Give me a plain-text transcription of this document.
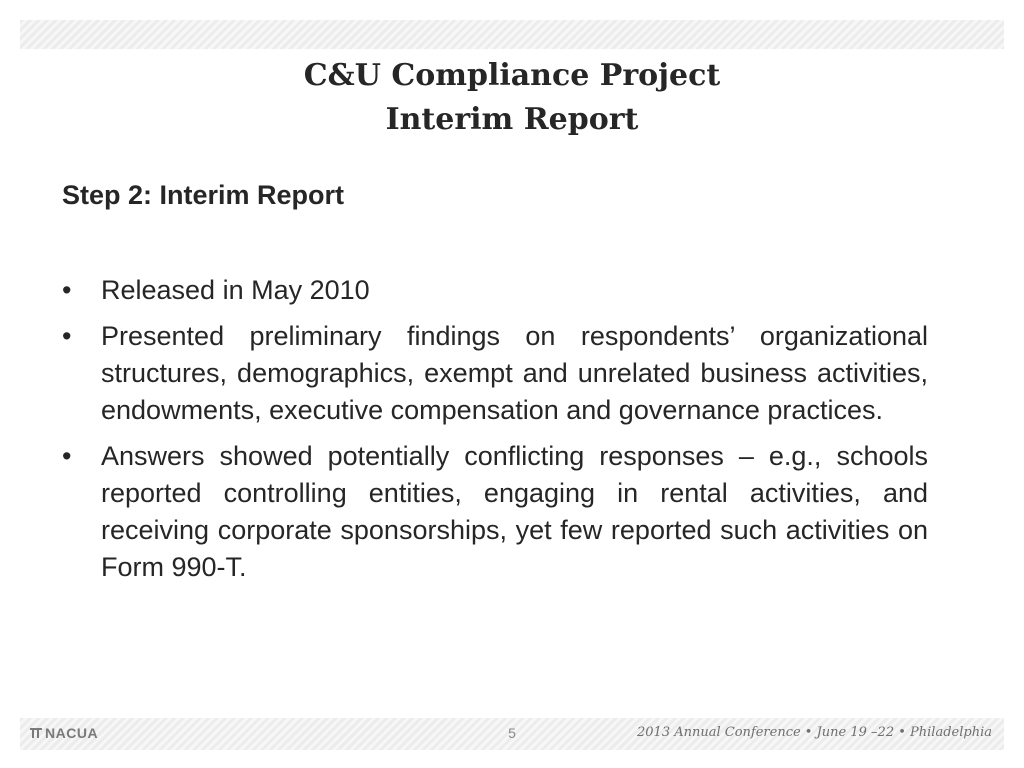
C&U Compliance Project
Interim Report
Step 2: Interim Report
• Released in May 2010
• Presented preliminary findings on respondents’ organizational structures, demographics, exempt and unrelated business activities, endowments, executive compensation and governance practices.
• Answers showed potentially conflicting responses – e.g., schools reported controlling entities, engaging in rental activities, and receiving corporate sponsorships, yet few reported such activities on Form 990-T.
NACUA	5	2013 Annual Conference • June 19 –22 • Philadelphia
